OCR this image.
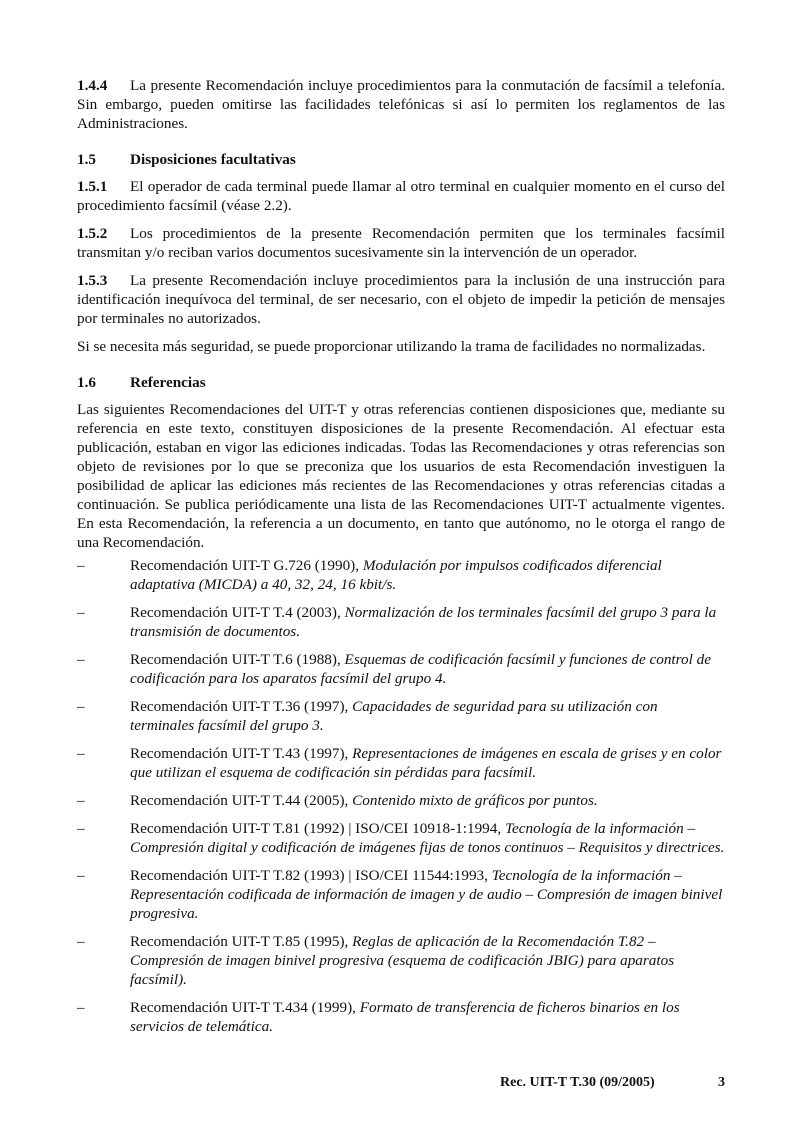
1.4.4 La presente Recomendación incluye procedimientos para la conmutación de facsímil a telefonía. Sin embargo, pueden omitirse las facilidades telefónicas si así lo permiten los reglamentos de las Administraciones.

1.5 Disposiciones facultativas

1.5.1 El operador de cada terminal puede llamar al otro terminal en cualquier momento en el curso del procedimiento facsímil (véase 2.2).

1.5.2 Los procedimientos de la presente Recomendación permiten que los terminales facsímil transmitan y/o reciban varios documentos sucesivamente sin la intervención de un operador.

1.5.3 La presente Recomendación incluye procedimientos para la inclusión de una instrucción para identificación inequívoca del terminal, de ser necesario, con el objeto de impedir la petición de mensajes por terminales no autorizados.

Si se necesita más seguridad, se puede proporcionar utilizando la trama de facilidades no normalizadas.

1.6 Referencias

Las siguientes Recomendaciones del UIT-T y otras referencias contienen disposiciones que, mediante su referencia en este texto, constituyen disposiciones de la presente Recomendación. Al efectuar esta publicación, estaban en vigor las ediciones indicadas. Todas las Recomendaciones y otras referencias son objeto de revisiones por lo que se preconiza que los usuarios de esta Recomendación investiguen la posibilidad de aplicar las ediciones más recientes de las Recomendaciones y otras referencias citadas a continuación. Se publica periódicamente una lista de las Recomendaciones UIT-T actualmente vigentes. En esta Recomendación, la referencia a un documento, en tanto que autónomo, no le otorga el rango de una Recomendación.

–	Recomendación UIT-T G.726 (1990), Modulación por impulsos codificados diferencial adaptativa (MICDA) a 40, 32, 24, 16 kbit/s.
–	Recomendación UIT-T T.4 (2003), Normalización de los terminales facsímil del grupo 3 para la transmisión de documentos.
–	Recomendación UIT-T T.6 (1988), Esquemas de codificación facsímil y funciones de control de codificación para los aparatos facsímil del grupo 4.
–	Recomendación UIT-T T.36 (1997), Capacidades de seguridad para su utilización con terminales facsímil del grupo 3.
–	Recomendación UIT-T T.43 (1997), Representaciones de imágenes en escala de grises y en color que utilizan el esquema de codificación sin pérdidas para facsímil.
–	Recomendación UIT-T T.44 (2005), Contenido mixto de gráficos por puntos.
–	Recomendación UIT-T T.81 (1992) | ISO/CEI 10918-1:1994, Tecnología de la información – Compresión digital y codificación de imágenes fijas de tonos continuos – Requisitos y directrices.
–	Recomendación UIT-T T.82 (1993) | ISO/CEI 11544:1993, Tecnología de la información – Representación codificada de información de imagen y de audio – Compresión de imagen binivel progresiva.
–	Recomendación UIT-T T.85 (1995), Reglas de aplicación de la Recomendación T.82 – Compresión de imagen binivel progresiva (esquema de codificación JBIG) para aparatos facsímil).
–	Recomendación UIT-T T.434 (1999), Formato de transferencia de ficheros binarios en los servicios de telemática.
Rec. UIT-T T.30 (09/2005)	3
